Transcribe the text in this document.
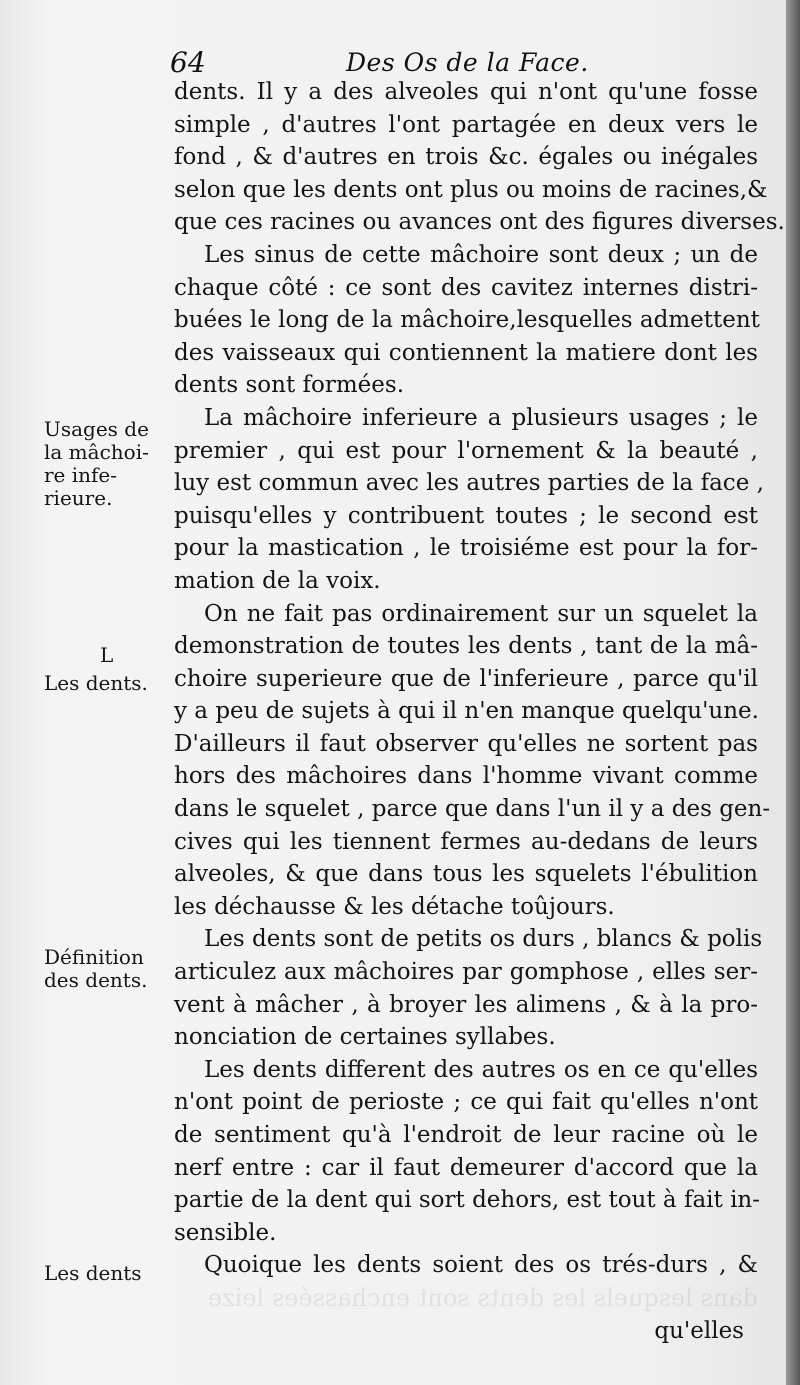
dans lesquels les dents sont enchassées leize
64	Des Os de la Face.
dents. Il y a des alveoles qui n'ont qu'une fosse
simple , d'autres l'ont partagée en deux vers le
fond , & d'autres en trois &c. égales ou inégales
selon que les dents ont plus ou moins de racines,&
que ces racines ou avances ont des figures diverses.
Les sinus de cette mâchoire sont deux ; un de
chaque côté : ce sont des cavitez internes distri-
buées le long de la mâchoire,lesquelles admettent
des vaisseaux qui contiennent la matiere dont les
dents sont formées.
La mâchoire inferieure a plusieurs usages ; le
premier , qui est pour l'ornement & la beauté ,
luy est commun avec les autres parties de la face ,
puisqu'elles y contribuent toutes ; le second est
pour la mastication , le troisiéme est pour la for-
mation de la voix.
On ne fait pas ordinairement sur un squelet la
demonstration de toutes les dents , tant de la mâ-
choire superieure que de l'inferieure , parce qu'il
y a peu de sujets à qui il n'en manque quelqu'une.
D'ailleurs il faut observer qu'elles ne sortent pas
hors des mâchoires dans l'homme vivant comme
dans le squelet , parce que dans l'un il y a des gen-
cives qui les tiennent fermes au-dedans de leurs
alveoles, & que dans tous les squelets l'ébulition
les déchausse & les détache toûjours.
Les dents sont de petits os durs , blancs & polis
articulez aux mâchoires par gomphose , elles ser-
vent à mâcher , à broyer les alimens , & à la pro-
nonciation de certaines syllabes.
Les dents different des autres os en ce qu'elles
n'ont point de perioste ; ce qui fait qu'elles n'ont
de sentiment qu'à l'endroit de leur racine où le
nerf entre : car il faut demeurer d'accord que la
partie de la dent qui sort dehors, est tout à fait in-
sensible.
Quoique les dents soient des os trés-durs , &
qu'elles
Usages de
la mâchoi-
re infe-
rieure.
L
Les dents.
Définition
des dents.
Les dents
